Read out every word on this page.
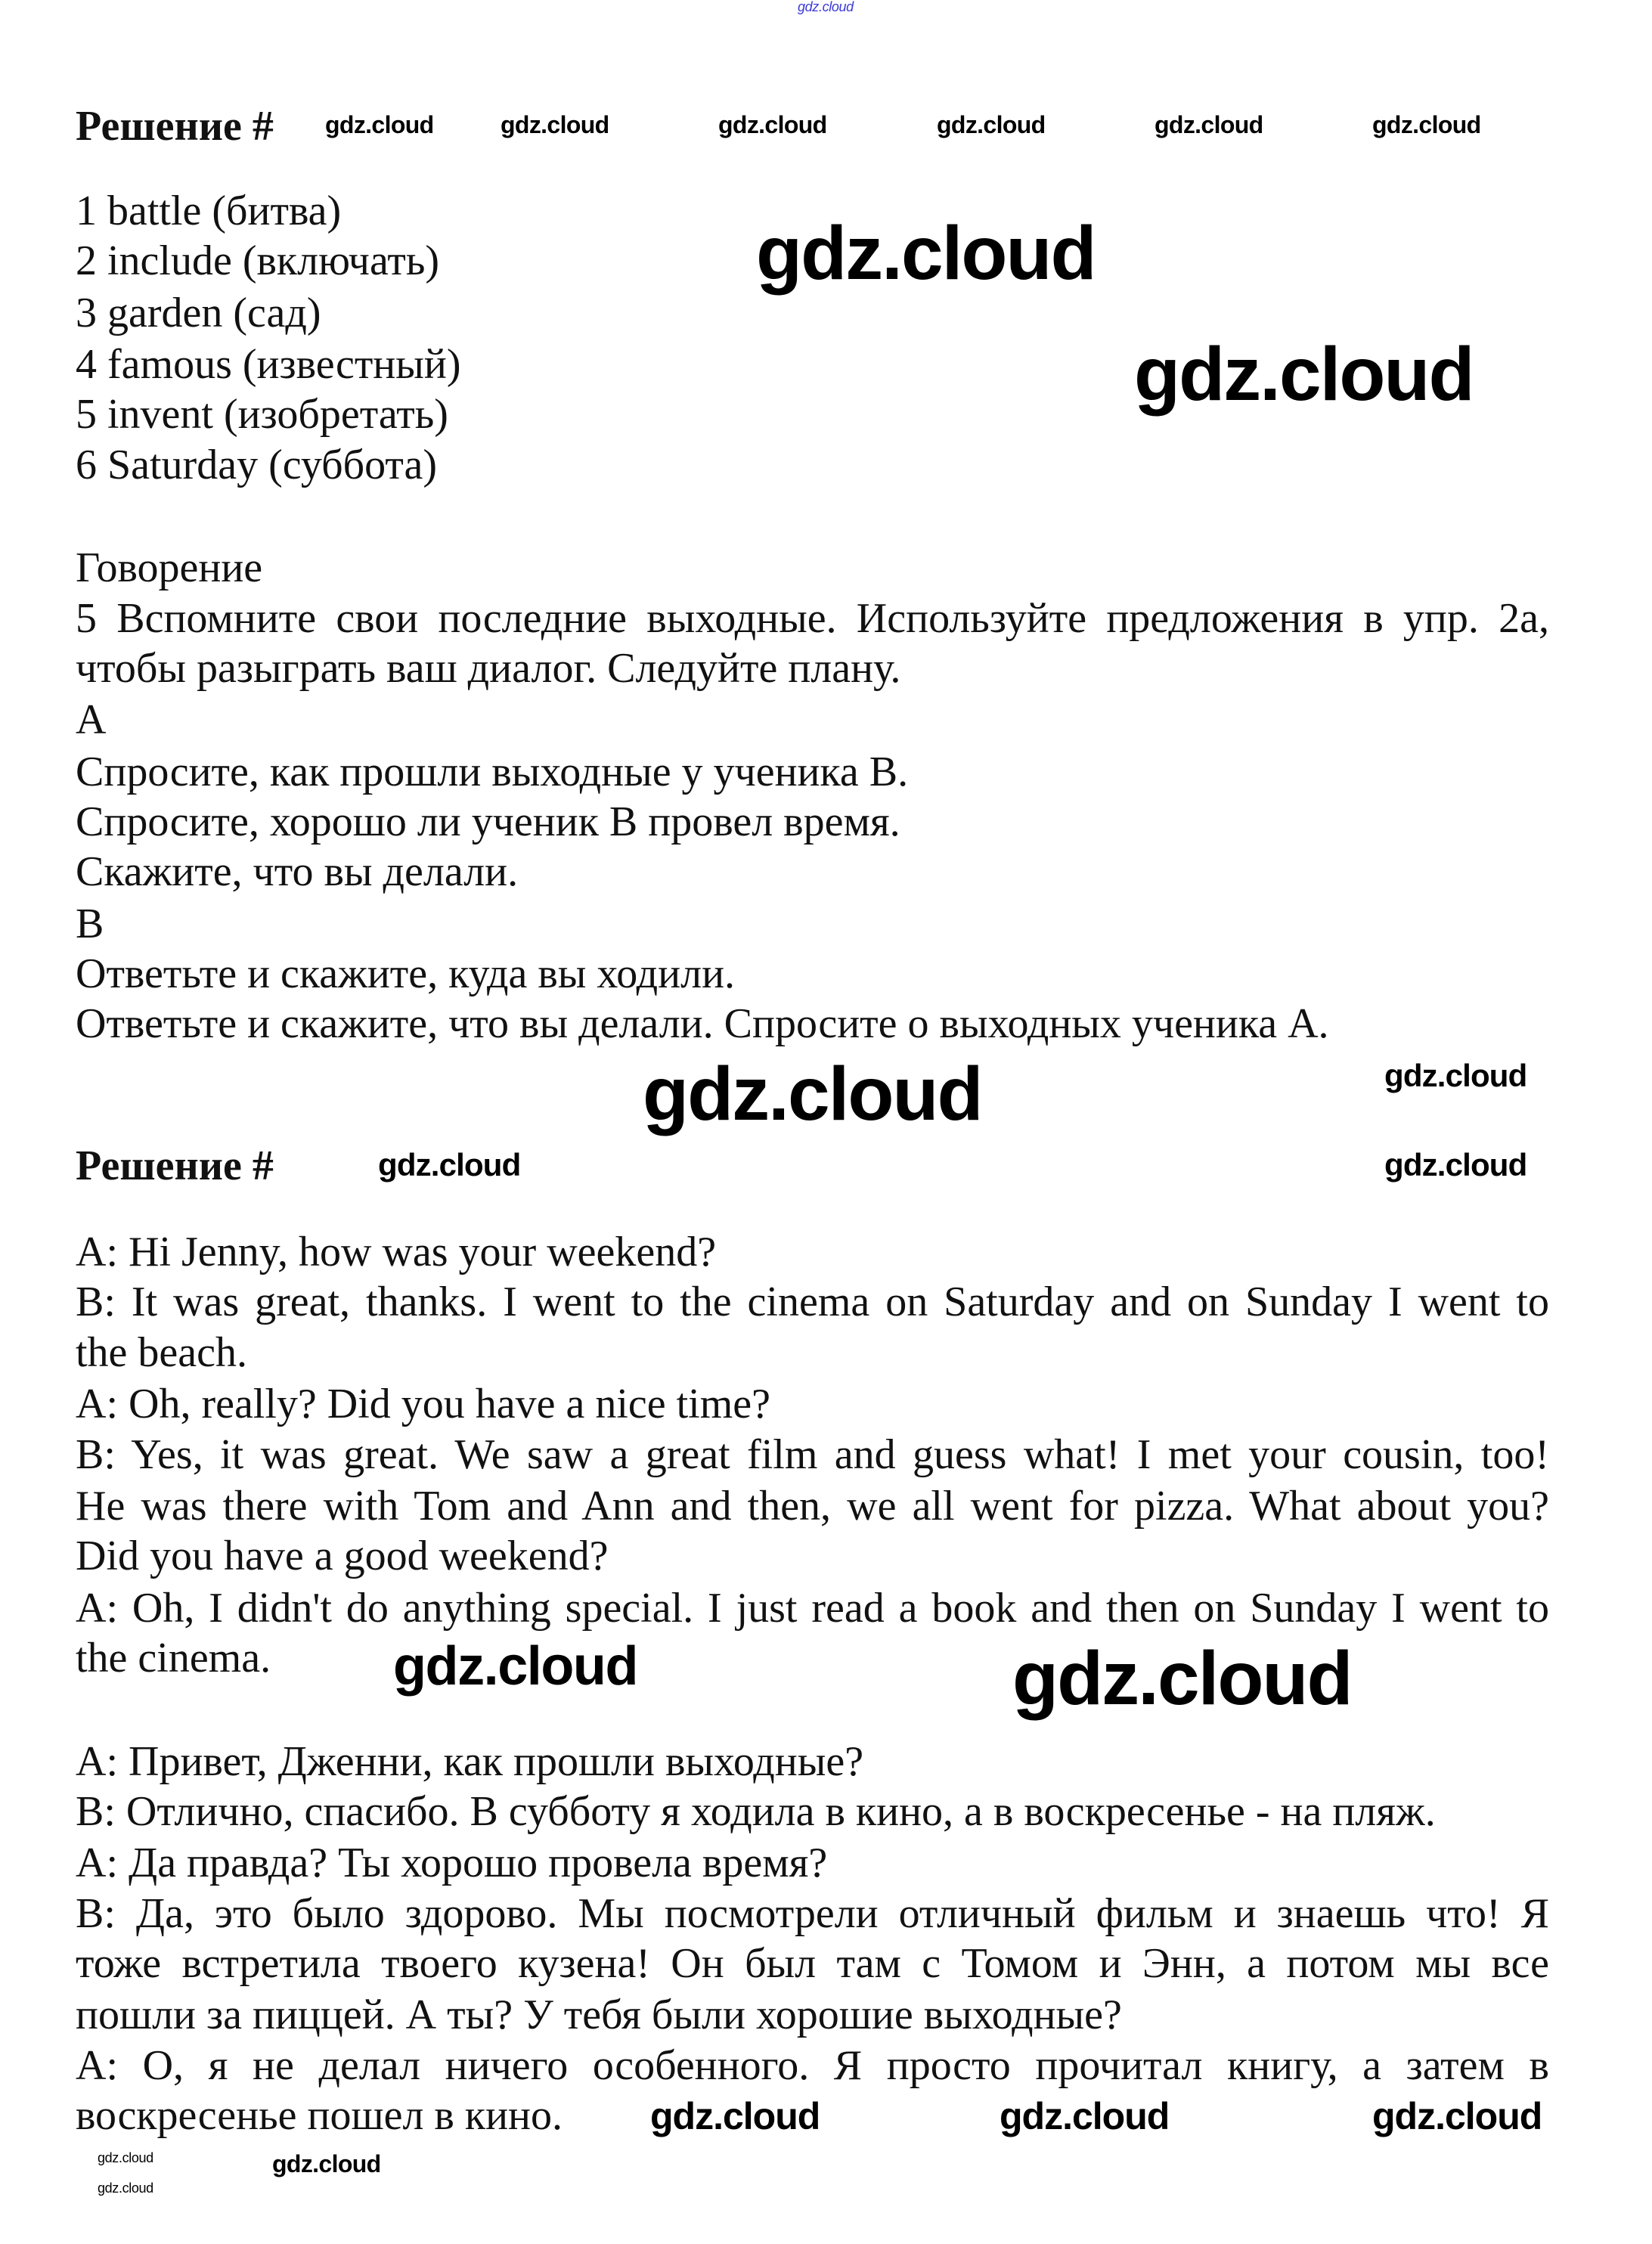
gdz.cloud
Решение # gdz.cloud	gdz.cloud	gdz.cloud	gdz.cloud	gdz.cloud	gdz.cloud
1 battle (битва)
2 include (включать)
3 garden (сад)
4 famous (известный)
5 invent (изобретать)
6 Saturday (суббота)
gdz.cloud
gdz.cloud
Говорение
5 Вспомните свои последние выходные. Используйте предложения в упр. 2а,
чтобы разыграть ваш диалог. Следуйте плану.
A
Спросите, как прошли выходные у ученика B.
Спросите, хорошо ли ученик B провел время.
Скажите, что вы делали.
B
Ответьте и скажите, куда вы ходили.
Ответьте и скажите, что вы делали. Спросите о выходных ученика А.
gdz.cloud
gdz.cloud
Решение #	gdz.cloud	gdz.cloud
A: Hi Jenny, how was your weekend?
B: It was great, thanks. I went to the cinema on Saturday and on Sunday I went to
the beach.
A: Oh, really? Did you have a nice time?
B: Yes, it was great. We saw a great film and guess what! I met your cousin, too!
He was there with Tom and Ann and then, we all went for pizza. What about you?
Did you have a good weekend?
A: Oh, I didn't do anything special. I just read a book and then on Sunday I went to
the cinema. gdz.cloud	gdz.cloud
А: Привет, Дженни, как прошли выходные?
B: Отлично, спасибо. В субботу я ходила в кино, а в воскресенье - на пляж.
А: Да правда? Ты хорошо провела время?
B: Да, это было здорово. Мы посмотрели отличный фильм и знаешь что! Я
тоже встретила твоего кузена! Он был там с Томом и Энн, а потом мы все
пошли за пиццей. А ты? У тебя были хорошие выходные?
А: О, я не делал ничего особенного. Я просто прочитал книгу, а затем в
воскресенье пошел в кино. gdz.cloud	gdz.cloud	gdz.cloud
gdz.cloud	gdz.cloud
gdz.cloud
